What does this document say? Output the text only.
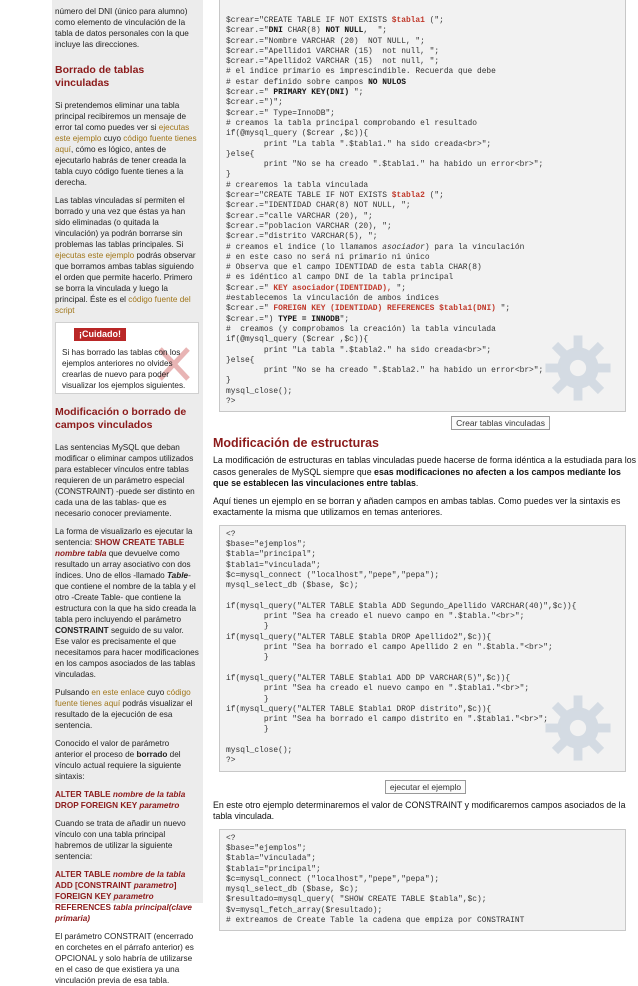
número del DNI (único para alumno) como elemento de vinculación de la tabla de datos personales con la que incluye las direcciones.

Borrado de tablas vinculadas

Si pretendemos eliminar una tabla principal recibiremos un mensaje de error tal como puedes ver si ejecutas este ejemplo cuyo código fuente tienes aquí, cómo es lógico, antes de ejecutarlo habrás de tener creada la tabla cuyo código fuente tienes a la derecha.

Las tablas vinculadas sí permiten el borrado y una vez que éstas ya han sido eliminadas (o quitada la vinculación) ya podrán borrarse sin problemas las tablas principales. Si ejecutas este ejemplo podrás observar que borramos ambas tablas siguiendo el orden que permite hacerlo. Primero se borra la vinculada y luego la principal. Éste es el código fuente del script

¡Cuidado!
Si has borrado las tablas con los ejemplos anteriores no olvides crearlas de nuevo para poder visualizar los ejemplos siguientes.
Modificación o borrado de campos vinculados

Las sentencias MySQL que deban modificar o eliminar campos utilizados para establecer vínculos entre tablas requieren de un parámetro especial (CONSTRAINT) -puede ser distinto en cada una de las tablas- que es necesario conocer previamente.

La forma de visualizarlo es ejecutar la sentencia: SHOW CREATE TABLE nombre tabla que devuelve como resultado un array asociativo con dos índices. Uno de ellos -llamado Table- que contiene el nombre de la tabla y el otro -Create Table- que contiene la estructura con la que ha sido creada la tabla pero incluyendo el parámetro CONSTRAINT seguido de su valor. Ese valor es precisamente el que necesitamos para hacer modificaciones en los campos asociados de las tablas vinculadas.

Pulsando en este enlace cuyo código fuente tienes aquí podrás visualizar el resultado de la ejecución de esa sentencia.

Conocido el valor de parámetro anterior el proceso de borrado del vínculo actual requiere la siguiente sintaxis:

ALTER TABLE nombre de la tabla DROP FOREIGN KEY parametro

Cuando se trata de añadir un nuevo vínculo con una tabla principal habremos de utilizar la siguiente sentencia:

ALTER TABLE nombre de la tabla ADD [CONSTRAINT parametro] FOREIGN KEY parametro REFERENCES tabla principal(clave primaria)

El parámetro CONSTRAIT (encerrado en corchetes en el párrafo anterior) es OPCIONAL y solo habría de utilizarse en el caso de que existiera ya una vinculación previa de esa tabla.

$crear="CREATE TABLE IF NOT EXISTS $tabla1 (";
$crear.="DNI CHAR(8) NOT NULL,  ";
$crear.="Nombre VARCHAR (20)  NOT NULL, ";
$crear.="Apellido1 VARCHAR (15)  not null, ";
$crear.="Apellido2 VARCHAR (15)  not null, ";
# el indice primario es imprescindible. Recuerda que debe
# estar definido sobre campos NO NULOS
$crear.=" PRIMARY KEY(DNI) ";
$crear.=")";
$crear.=" Type=InnoDB";
# creamos la tabla principal comprobando el resultado
if(@mysql_query ($crear ,$c)){
print "La tabla ".$tabla1." ha sido creada<br>";
}else{
print "No se ha creado ".$tabla1." ha habido un error<br>";
}
# crearemos la tabla vinculada
$crear="CREATE TABLE IF NOT EXISTS $tabla2 (";
$crear.="IDENTIDAD CHAR(8) NOT NULL, ";
$crear.="calle VARCHAR (20), ";
$crear.="poblacion VARCHAR (20), ";
$crear.="distrito VARCHAR(5), ";
# creamos el indice (lo llamamos asociador) para la vinculación
# en este caso no será ni primario ni único
# Observa que el campo IDENTIDAD de esta tabla CHAR(8)
# es idéntico al campo DNI de la tabla principal
$crear.=" KEY asociador(IDENTIDAD), ";
#establecemos la vinculación de ambos indices
$crear.=" FOREIGN KEY (IDENTIDAD) REFERENCES $tabla1(DNI) ";
$crear.=") TYPE = INNODB";
#  creamos (y comprobamos la creación) la tabla vinculada
if(@mysql_query ($crear ,$c)){
print "La tabla ".$tabla2." ha sido creada<br>";
}else{
print "No se ha creado ".$tabla2." ha habido un error<br>";
}
mysql_close();
?>
Crear tablas vinculadas
Modificación de estructuras

La modificación de estructuras en tablas vinculadas puede hacerse de forma idéntica a la estudiada para los casos generales de MySQL siempre que esas modificaciones no afecten a los campos mediante los que se establecen las vinculaciones entre tablas.

Aquí tienes un ejemplo en se borran y añaden campos en ambas tablas. Como puedes ver la sintaxis es exactamente la misma que utilizamos en temas anteriores.

<?
$base="ejemplos";
$tabla="principal";
$tabla1="vinculada";
$c=mysql_connect ("localhost","pepe","pepa");
mysql_select_db ($base, $c);

if(mysql_query("ALTER TABLE $tabla ADD Segundo_Apellido VARCHAR(40)",$c)){
print "Sea ha creado el nuevo campo en ".$tabla."<br>";
}
if(mysql_query("ALTER TABLE $tabla DROP Apellido2",$c)){
print "Sea ha borrado el campo Apellido 2 en ".$tabla."<br>";
}

if(mysql_query("ALTER TABLE $tabla1 ADD DP VARCHAR(5)",$c)){
print "Sea ha creado el nuevo campo en ".$tabla1."<br>";
}
if(mysql_query("ALTER TABLE $tabla1 DROP distrito",$c)){
print "Sea ha borrado el campo distrito en ".$tabla1."<br>";
}

mysql_close();
?>
ejecutar el ejemplo

En este otro ejemplo determinaremos el valor de CONSTRAINT y modificaremos campos asociados de la tabla vinculada.

<?
$base="ejemplos";
$tabla="vinculada";
$tabla1="principal";
$c=mysql_connect ("localhost","pepe","pepa");
mysql_select_db ($base, $c);
$resultado=mysql_query( "SHOW CREATE TABLE $tabla",$c);
$v=mysql_fetch_array($resultado);
# extreamos de Create Table la cadena que empiza por CONSTRAINT
